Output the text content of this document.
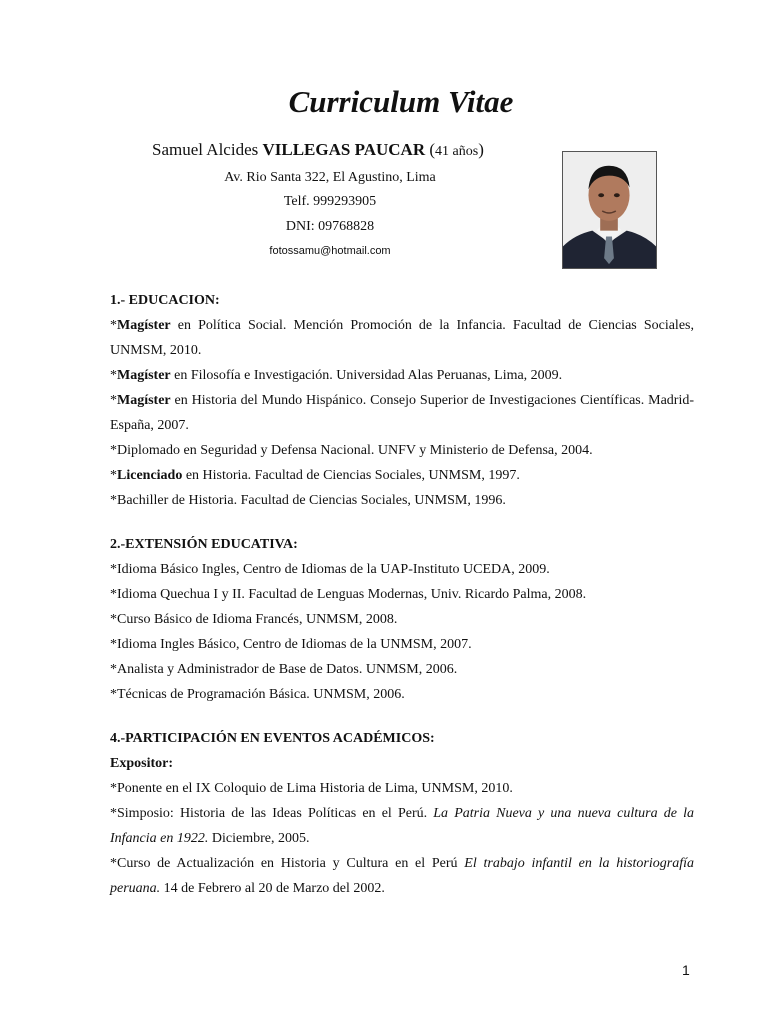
Curriculum Vitae
Samuel Alcides VILLEGAS PAUCAR (41 años)
Av. Rio Santa 322, El Agustino, Lima
Telf. 999293905
DNI: 09768828
fotossamu@hotmail.com

1.- EDUCACION:

*Magíster en Política Social. Mención Promoción de la Infancia. Facultad de Ciencias Sociales, UNMSM, 2010.

*Magíster en Filosofía e Investigación. Universidad Alas Peruanas, Lima, 2009.

*Magíster en Historia del Mundo Hispánico. Consejo Superior de Investigaciones Científicas. Madrid-España, 2007.

*Diplomado en Seguridad y Defensa Nacional. UNFV y Ministerio de Defensa, 2004.

*Licenciado en Historia. Facultad de Ciencias Sociales, UNMSM, 1997.

*Bachiller de Historia. Facultad de Ciencias Sociales, UNMSM, 1996.

2.-EXTENSIÓN EDUCATIVA:

*Idioma Básico Ingles, Centro de Idiomas de la UAP-Instituto UCEDA, 2009.

*Idioma Quechua I y II. Facultad de Lenguas Modernas, Univ. Ricardo Palma, 2008.

*Curso Básico de Idioma Francés, UNMSM, 2008.

*Idioma Ingles Básico, Centro de Idiomas de la UNMSM, 2007.

*Analista y Administrador de Base de Datos. UNMSM, 2006.

*Técnicas de Programación Básica. UNMSM, 2006.

4.-PARTICIPACIÓN EN EVENTOS ACADÉMICOS:

Expositor:

*Ponente en el IX Coloquio de Lima Historia de Lima, UNMSM, 2010.

*Simposio: Historia de las Ideas Políticas en el Perú. La Patria Nueva y una nueva cultura de la Infancia en 1922. Diciembre, 2005.

*Curso de Actualización en Historia y Cultura en el Perú El trabajo infantil en la historiografía peruana. 14 de Febrero al 20 de Marzo del 2002.

1
